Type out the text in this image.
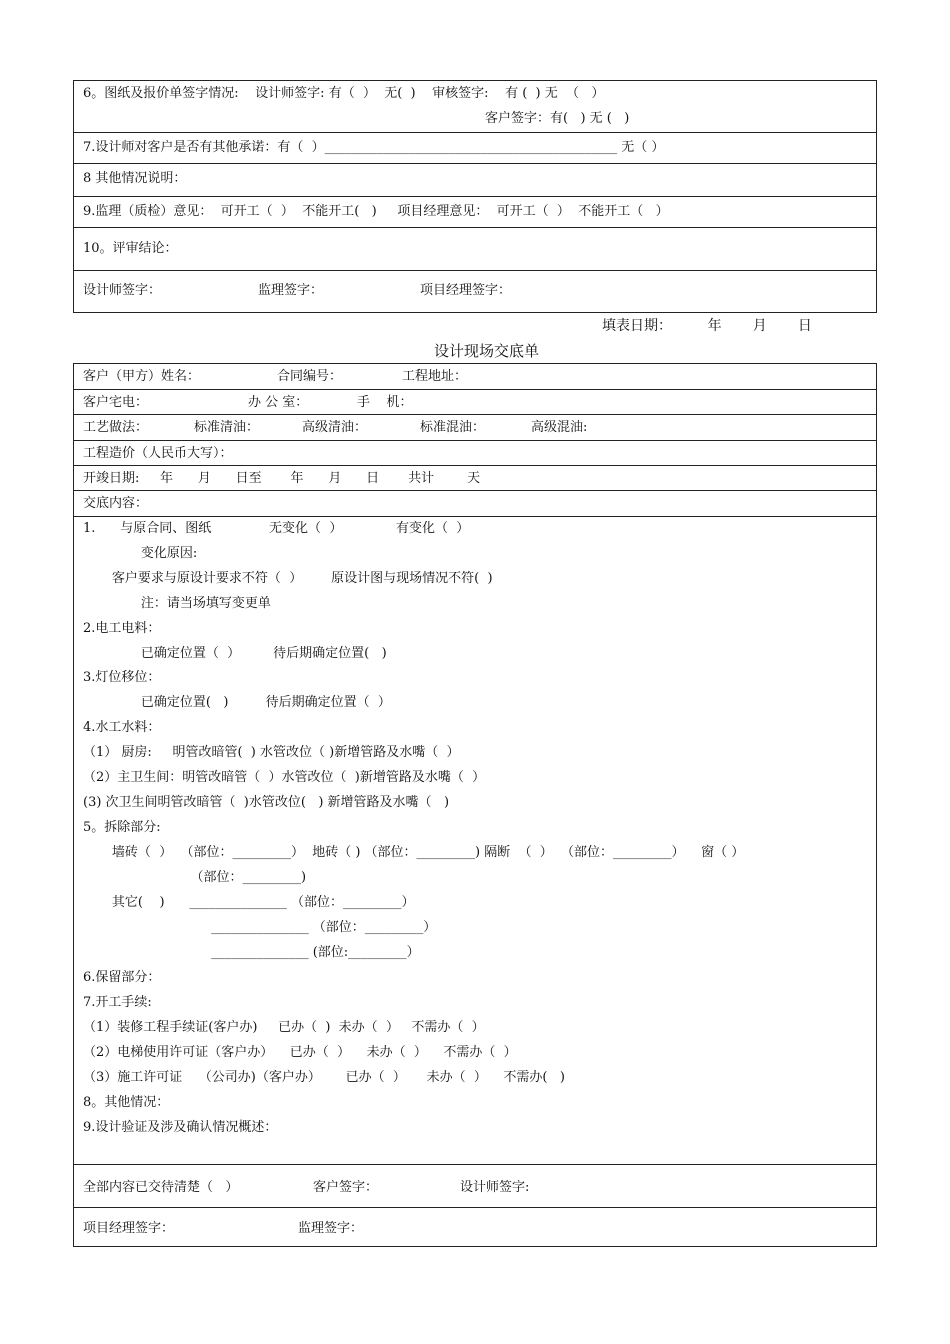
6。图纸及报价单签字情况:    设计师签字: 有（  ）  无(  )    审核签字:    有 (  ) 无  （   ）
客户签字：有(   ) 无 (   )
7.设计师对客户是否有其他承诺：有（  ）_____________________________________________ 无（ ）
8 其他情况说明：
9.监理（质检）意见：  可开工（  ）  不能开工(   )     项目经理意见：  可开工（  ）  不能开工（   ）
10。评审结论：
设计师签字：	监理签字：	项目经理签字：
填表日期：        年       月       日
设计现场交底单
客户（甲方）姓名：	合同编号：	工程地址：
客户宅电：	办 公 室：	手    机：
工艺做法：	标准清油：	高级清油：	标准混油：	高级混油:
工程造价（人民币大写）：
开竣日期:     年      月      日至       年      月      日       共计        天
交底内容：
1.      与原合同、图纸              无变化（  ）             有变化（  ）
变化原因:
客户要求与原设计要求不符（  ）       原设计图与现场情况不符(  )
注：请当场填写变更单
2.电工电料：
已确定位置（  ）        待后期确定位置(   )
3.灯位移位：
已确定位置(   )         待后期确定位置（  ）
4.水工水料：
（1） 厨房:     明管改暗管(  ) 水管改位（ )新增管路及水嘴（  ）
（2）主卫生间：明管改暗管（  ）水管改位（  )新增管路及水嘴（  ）
(3) 次卫生间明管改暗管（  )水管改位(   ) 新增管路及水嘴（   )
5。拆除部分:
墙砖（  ）  （部位：_________）  地砖（ ) （部位：_________) 隔断  （  ）  （部位：_________）    窗（ ）
（部位：_________)
其它(    )      _______________ （部位：_________）
_______________ （部位：_________）
_______________ (部位:_________）
6.保留部分：
7.开工手续:
（1）装修工程手续证(客户办)     已办（  )  未办（  ）   不需办（  ）
（2）电梯使用许可证（客户办）    已办（  ）    未办（  ）    不需办（  ）
（3）施工许可证    （公司办)（客户办）      已办（  ）     未办（  ）    不需办(   )
8。其他情况：
9.设计验证及涉及确认情况概述：
全部内容已交待清楚（   ）	客户签字：	设计师签字:
项目经理签字：	监理签字：
